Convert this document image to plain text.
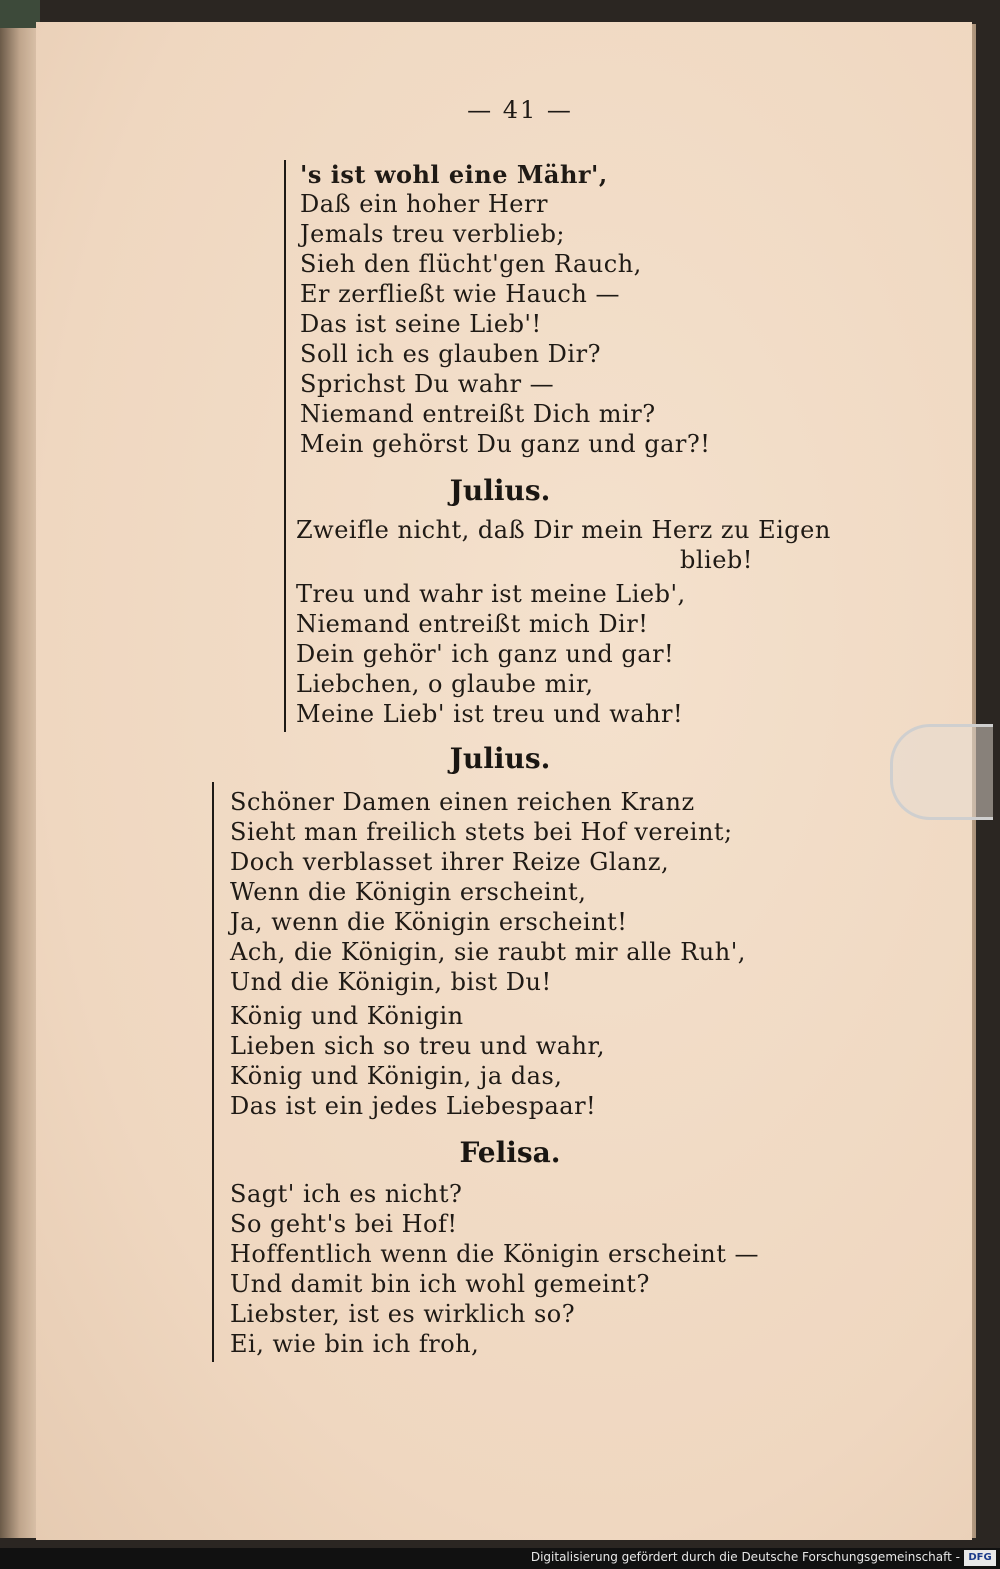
— 41 —
's ist wohl eine Mähr',
Daß ein hoher Herr
Jemals treu verblieb;
Sieh den flücht'gen Rauch,
Er zerfließt wie Hauch —
Das ist seine Lieb'!
Soll ich es glauben Dir?
Sprichst Du wahr —
Niemand entreißt Dich mir?
Mein gehörst Du ganz und gar?!
Julius.
Zweifle nicht, daß Dir mein Herz zu Eigen
blieb!
Treu und wahr ist meine Lieb',
Niemand entreißt mich Dir!
Dein gehör' ich ganz und gar!
Liebchen, o glaube mir,
Meine Lieb' ist treu und wahr!
Julius.
Schöner Damen einen reichen Kranz
Sieht man freilich stets bei Hof vereint;
Doch verblasset ihrer Reize Glanz,
Wenn die Königin erscheint,
Ja, wenn die Königin erscheint!
Ach, die Königin, sie raubt mir alle Ruh',
Und die Königin, bist Du!
König und Königin
Lieben sich so treu und wahr,
König und Königin, ja das,
Das ist ein jedes Liebespaar!
Felisa.
Sagt' ich es nicht?
So geht's bei Hof!
Hoffentlich wenn die Königin erscheint —
Und damit bin ich wohl gemeint?
Liebster, ist es wirklich so?
Ei, wie bin ich froh,
Digitalisierung gefördert durch die Deutsche Forschungsgemeinschaft - DFG
